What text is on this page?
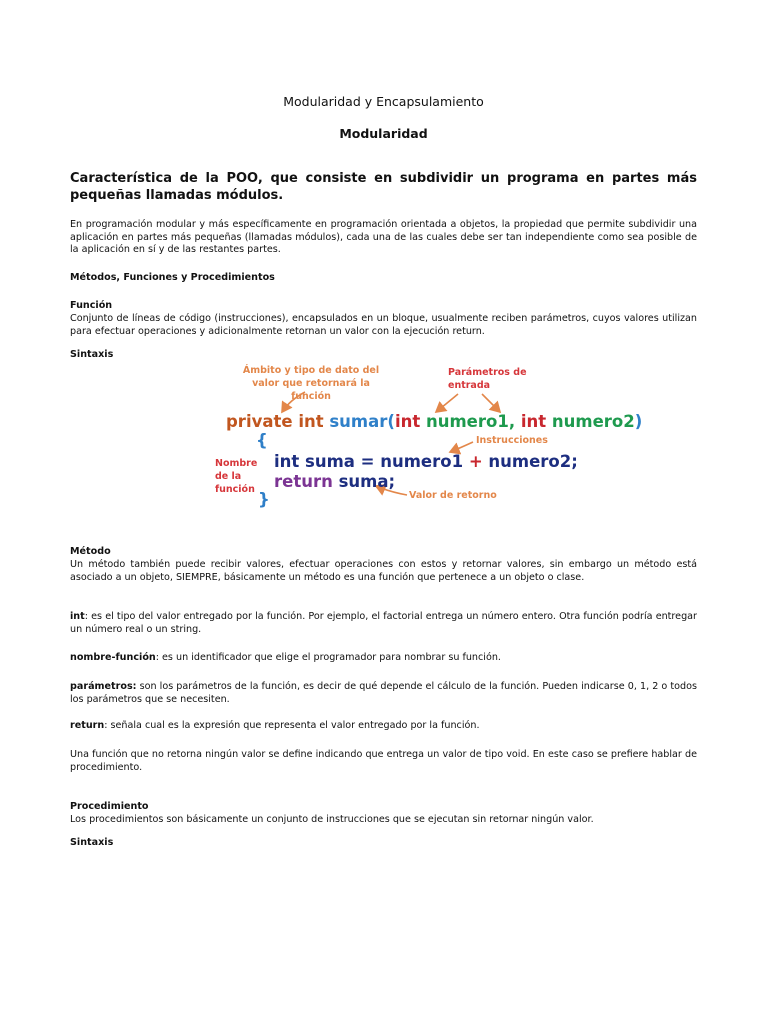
Modularidad y Encapsulamiento
Modularidad
Característica de la POO, que consiste en subdividir un programa en partes más pequeñas llamadas módulos.
En programación modular y más específicamente en programación orientada a objetos, la propiedad que permite subdividir una aplicación en partes más pequeñas (llamadas módulos), cada una de las cuales debe ser tan independiente como sea posible de la aplicación en sí y de las restantes partes.
Métodos, Funciones y Procedimientos
Función
Conjunto de líneas de código (instrucciones), encapsulados en un bloque, usualmente reciben parámetros, cuyos valores utilizan para efectuar operaciones y adicionalmente retornan un valor con la ejecución return.
Sintaxis
Ámbito y tipo de dato del valor que retornará la función
Parámetros de entrada
Instrucciones
Nombre de la función
Valor de retorno
private int sumar(int numero1, int numero2)
{
int suma = numero1 + numero2;
return suma;
}
Método
Un método también puede recibir valores, efectuar operaciones con estos y retornar valores, sin embargo un método está asociado a un objeto, SIEMPRE, básicamente un método es una función que pertenece a un objeto o clase.
int: es el tipo del valor entregado por la función. Por ejemplo, el factorial entrega un número entero. Otra función podría entregar un número real o un string.
nombre-función: es un identificador que elige el programador para nombrar su función.
parámetros: son los parámetros de la función, es decir de qué depende el cálculo de la función. Pueden indicarse 0, 1, 2 o todos los parámetros que se necesiten.
return: señala cual es la expresión que representa el valor entregado por la función.
Una función que no retorna ningún valor se define indicando que entrega un valor de tipo void. En este caso se prefiere hablar de procedimiento.
Procedimiento
Los procedimientos son básicamente un conjunto de instrucciones que se ejecutan sin retornar ningún valor.
Sintaxis
